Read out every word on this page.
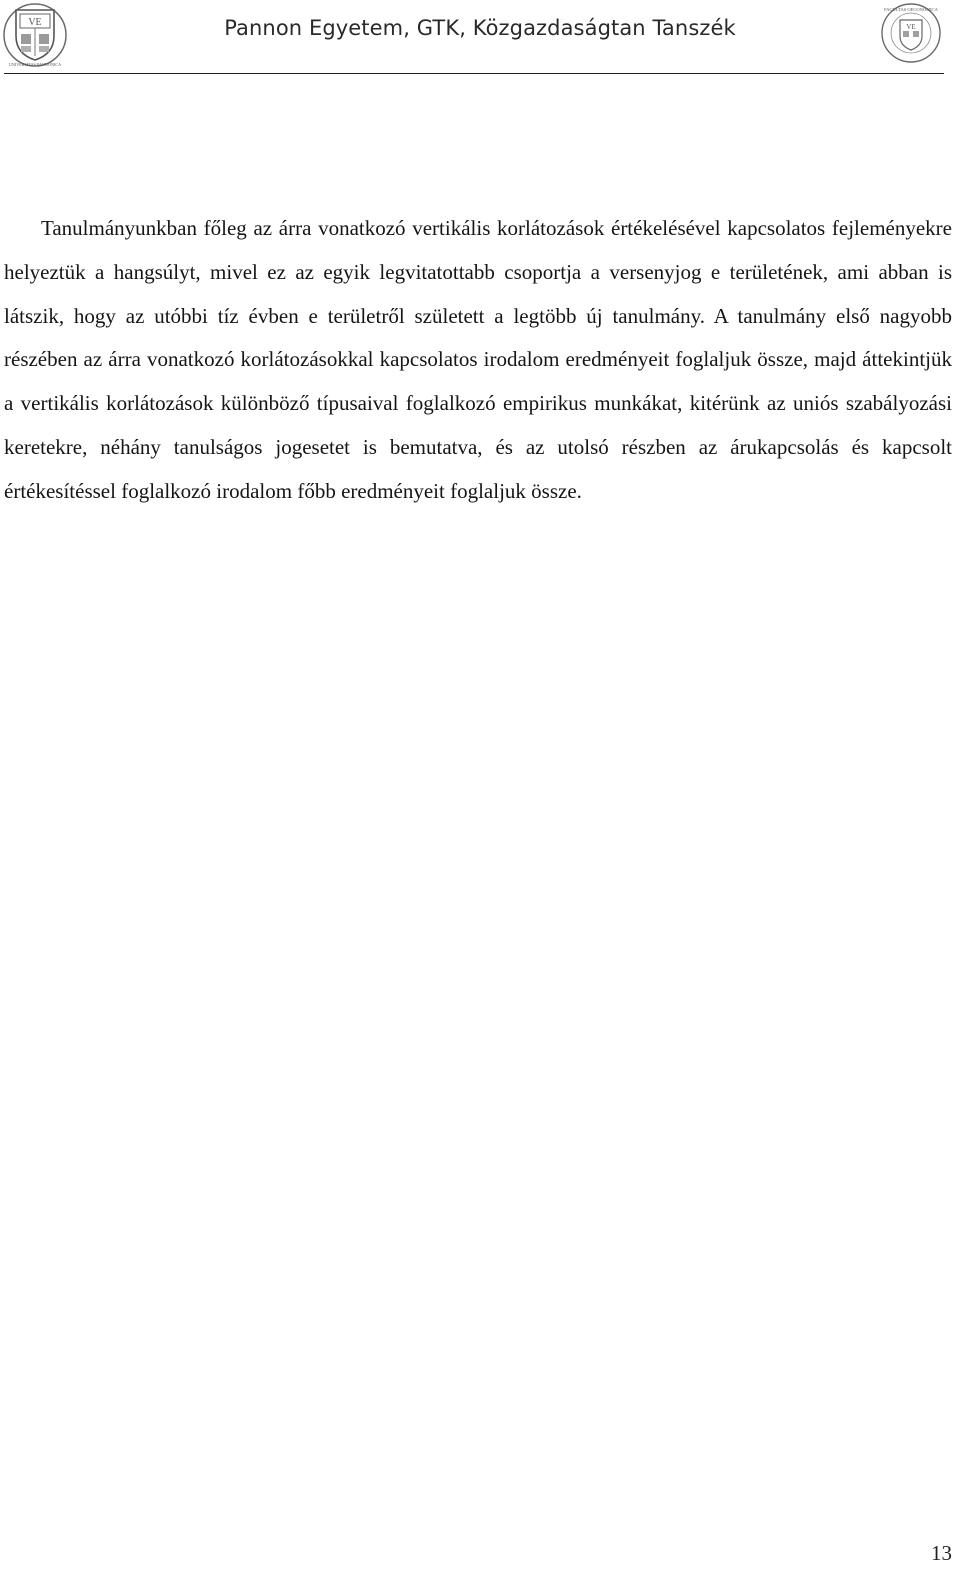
VE
UNIVERSITAS PANNONICA
Pannon Egyetem, GTK, Közgazdaságtan Tanszék	VE
FACULTAS OECONOMICA

Tanulmányunkban főleg az árra vonatkozó vertikális korlátozások értékelésével kapcsolatos fejleményekre helyeztük a hangsúlyt, mivel ez az egyik legvitatottabb csoportja a versenyjog e területének, ami abban is látszik, hogy az utóbbi tíz évben e területről született a legtöbb új tanulmány. A tanulmány első nagyobb részében az árra vonatkozó korlátozásokkal kapcsolatos irodalom eredményeit foglaljuk össze, majd áttekintjük a vertikális korlátozások különböző típusaival foglalkozó empirikus munkákat, kitérünk az uniós szabályozási keretekre, néhány tanulságos jogesetet is bemutatva, és az utolsó részben az árukapcsolás és kapcsolt értékesítéssel foglalkozó irodalom főbb eredményeit foglaljuk össze.

13
